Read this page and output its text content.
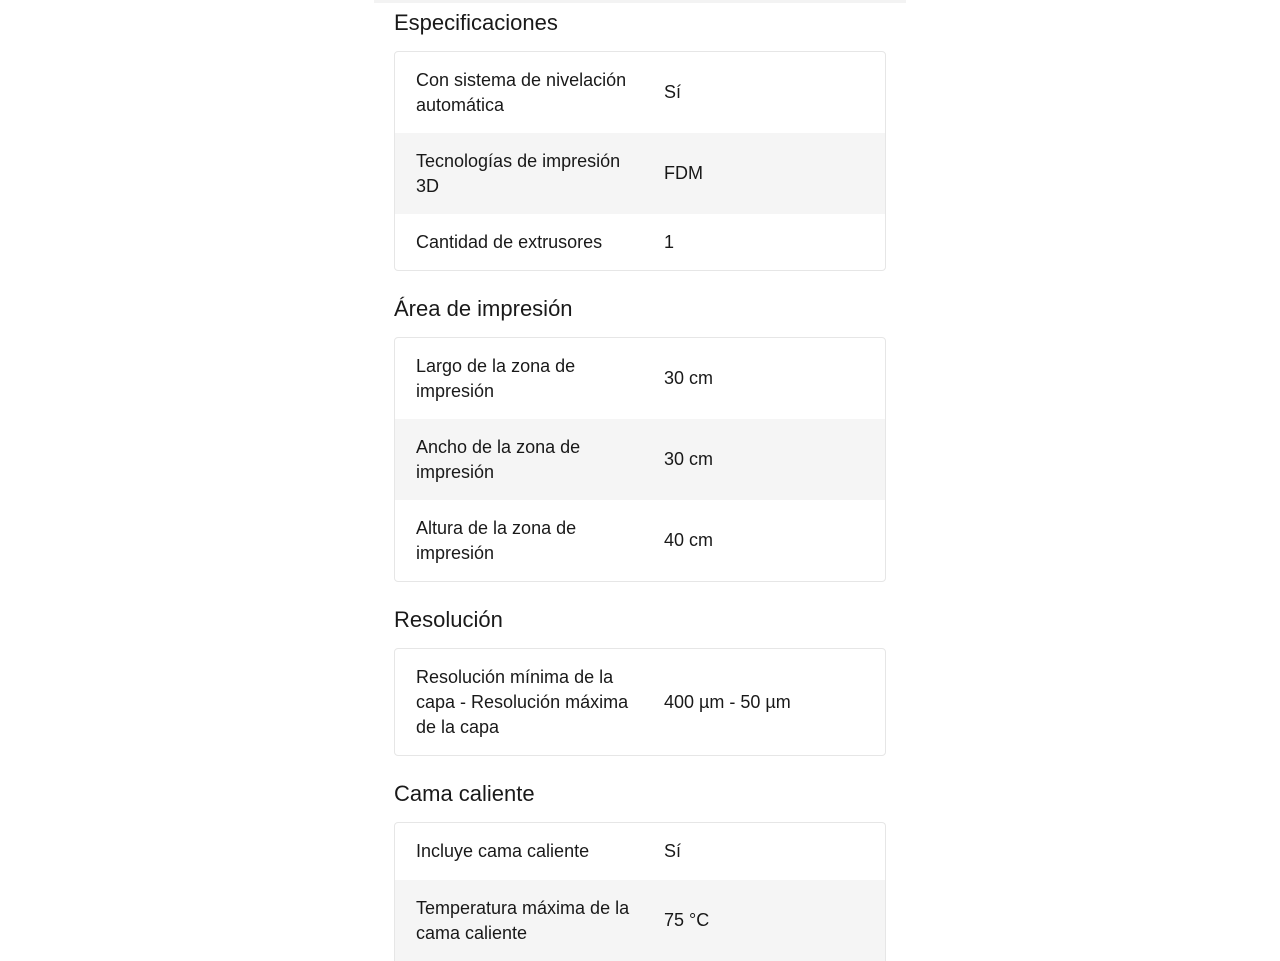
Especificaciones
Con sistema de nivelación automática
Sí
Tecnologías de impresión 3D
FDM
Cantidad de extrusores	1
Área de impresión
Largo de la zona de impresión
30 cm
Ancho de la zona de impresión
30 cm
Altura de la zona de impresión
40 cm
Resolución
Resolución mínima de la capa - Resolución máxima de la capa
400 µm - 50 µm
Cama caliente
Incluye cama caliente	Sí
Temperatura máxima de la cama caliente
75 °C
